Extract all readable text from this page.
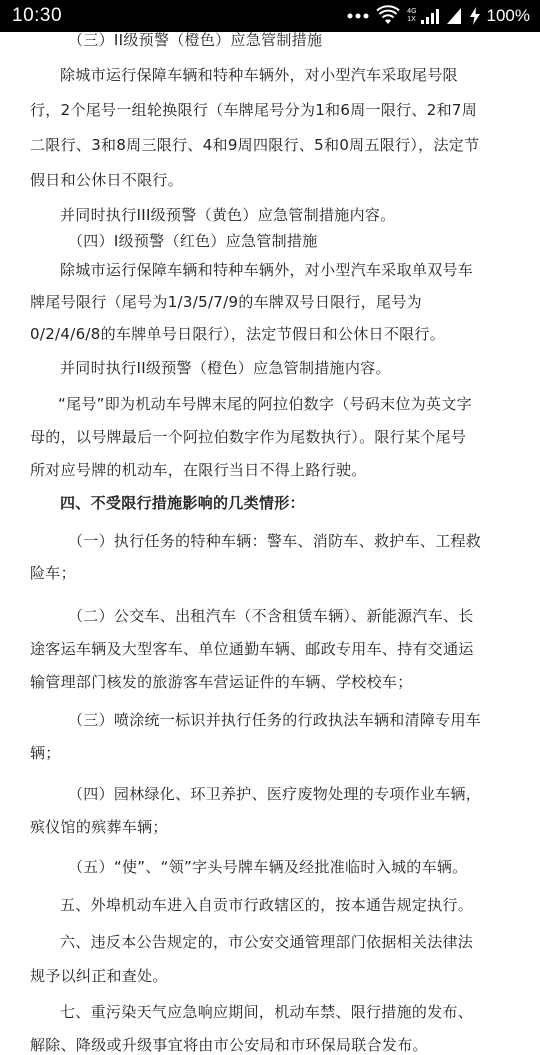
10:30	4G
1X	100%
（三）II级预警（橙色）应急管制措施
除城市运行保障车辆和特种车辆外，对小型汽车采取尾号限
行，2个尾号一组轮换限行（车牌尾号分为1和6周一限行、2和7周
二限行、3和8周三限行、4和9周四限行、5和0周五限行），法定节
假日和公休日不限行。
并同时执行III级预警（黄色）应急管制措施内容。
（四）I级预警（红色）应急管制措施
除城市运行保障车辆和特种车辆外，对小型汽车采取单双号车
牌尾号限行（尾号为1/3/5/7/9的车牌双号日限行，尾号为
0/2/4/6/8的车牌单号日限行），法定节假日和公休日不限行。
并同时执行II级预警（橙色）应急管制措施内容。
“尾号”即为机动车号牌末尾的阿拉伯数字（号码末位为英文字
母的，以号牌最后一个阿拉伯数字作为尾数执行）。限行某个尾号
所对应号牌的机动车，在限行当日不得上路行驶。
四、不受限行措施影响的几类情形：
（一）执行任务的特种车辆：警车、消防车、救护车、工程救
险车；
（二）公交车、出租汽车（不含租赁车辆）、新能源汽车、长
途客运车辆及大型客车、单位通勤车辆、邮政专用车、持有交通运
输管理部门核发的旅游客车营运证件的车辆、学校校车；
（三）喷涂统一标识并执行任务的行政执法车辆和清障专用车
辆；
（四）园林绿化、环卫养护、医疗废物处理的专项作业车辆，
殡仪馆的殡葬车辆；
（五）“使”、“领”字头号牌车辆及经批准临时入城的车辆。
五、外埠机动车进入自贡市行政辖区的，按本通告规定执行。
六、违反本公告规定的，市公安交通管理部门依据相关法律法
规予以纠正和查处。
七、重污染天气应急响应期间，机动车禁、限行措施的发布、
解除、降级或升级事宜将由市公安局和市环保局联合发布。
